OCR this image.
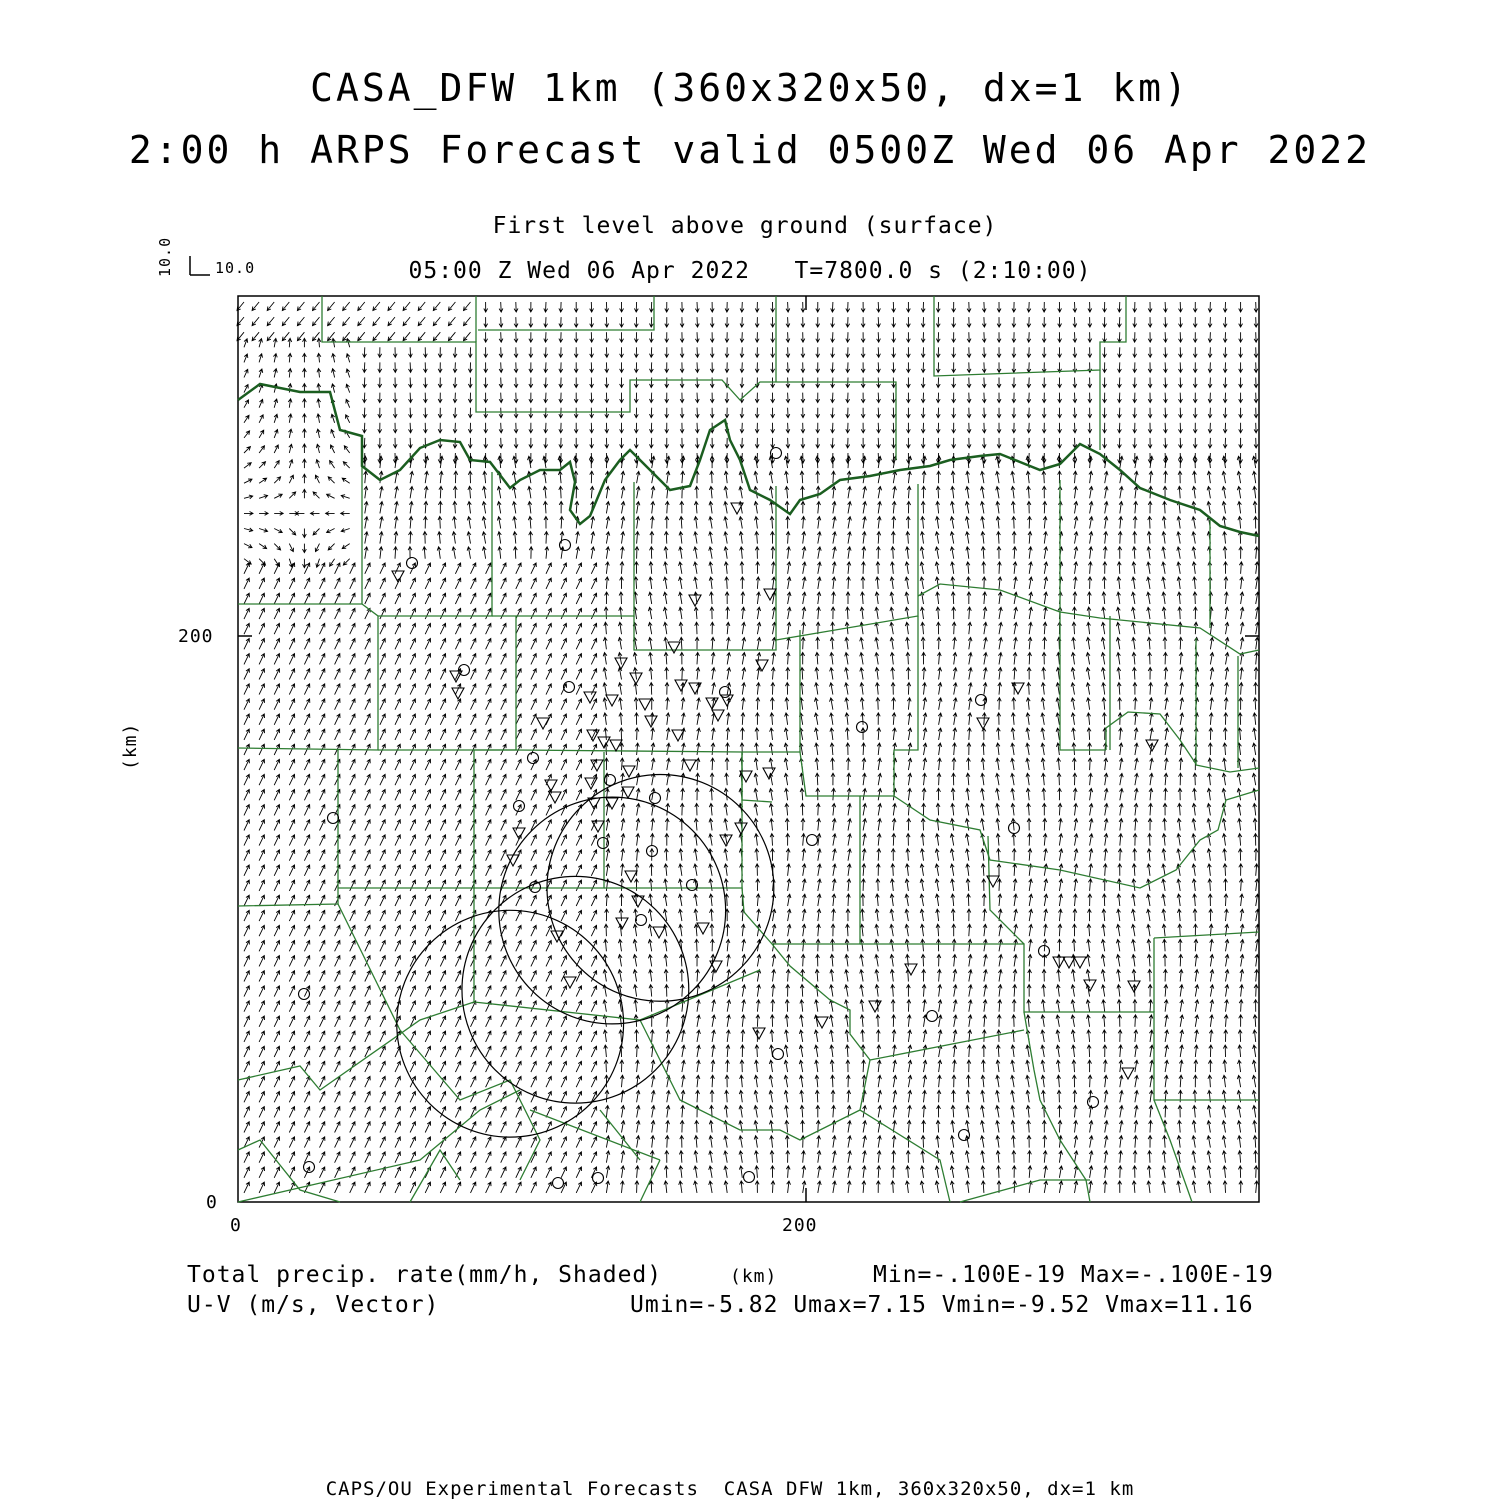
CASA_DFW 1km (360x320x50, dx=1 km)
2:00 h ARPS Forecast valid 0500Z Wed 06 Apr 2022
First level above ground (surface)
05:00 Z Wed 06 Apr 2022   T=7800.0 s (2:10:00)
10.0	10.0
(km)
0
200
0	200
(km)
Total precip. rate(mm/h, Shaded)
U-V (m/s, Vector)
Min=-.100E-19 Max=-.100E-19
Umin=-5.82 Umax=7.15 Vmin=-9.52 Vmax=11.16
CAPS/OU Experimental Forecasts  CASA DFW 1km, 360x320x50, dx=1 km
